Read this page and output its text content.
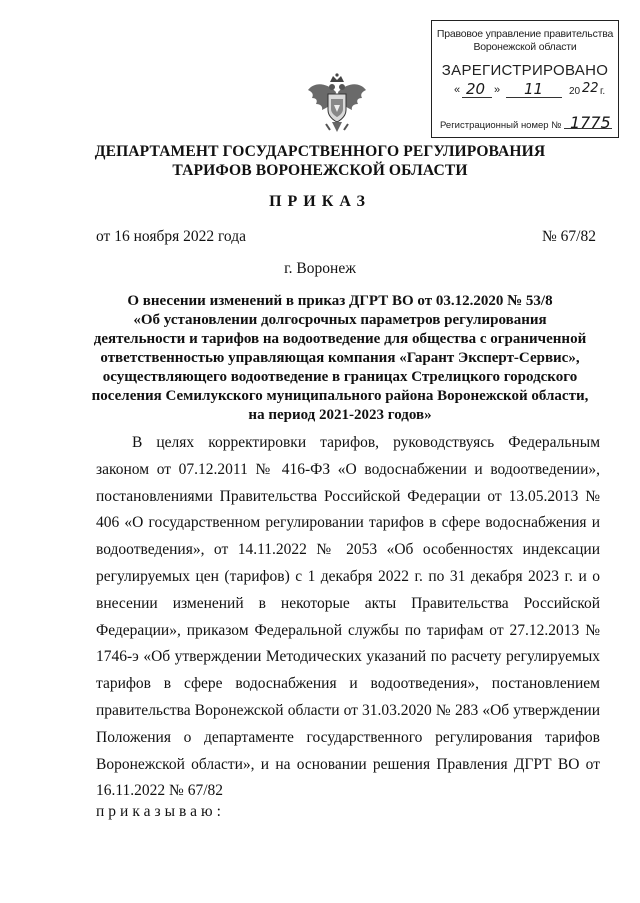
Правовое управление правительства
Воронежской области
ЗАРЕГИСТРИРОВАНО
« 20 » 11	20 22 г.
Регистрационный номер № 1775
ДЕПАРТАМЕНТ ГОСУДАРСТВЕННОГО РЕГУЛИРОВАНИЯ
ТАРИФОВ ВОРОНЕЖСКОЙ ОБЛАСТИ
ПРИКАЗ
от 16 ноября 2022 года	№ 67/82
г. Воронеж
О внесении изменений в приказ ДГРТ ВО от 03.12.2020 № 53/8
«Об установлении долгосрочных параметров регулирования
деятельности и тарифов на водоотведение для общества с ограниченной
ответственностью управляющая компания «Гарант Эксперт-Сервис»,
осуществляющего водоотведение в границах Стрелицкого городского
поселения Семилукского муниципального района Воронежской области,
на период 2021-2023 годов»

В целях корректировки тарифов, руководствуясь Федеральным законом от 07.12.2011 № 416-ФЗ «О водоснабжении и водоотведении», постановлениями Правительства Российской Федерации от 13.05.2013 № 406 «О государственном регулировании тарифов в сфере водоснабжения и водоотведения», от 14.11.2022 № 2053 «Об особенностях индексации регулируемых цен (тарифов) с 1 декабря 2022 г. по 31 декабря 2023 г. и о внесении изменений в некоторые акты Правительства Российской Федерации», приказом Федеральной службы по тарифам от 27.12.2013 № 1746-э «Об утверждении Методических указаний по расчету регулируемых тарифов в сфере водоснабжения и водоотведения», постановлением правительства Воронежской области от 31.03.2020 № 283 «Об утверждении Положения о департаменте государственного регулирования тарифов Воронежской области», и на основании решения Правления ДГРТ ВО от 16.11.2022 № 67/82

приказываю:
